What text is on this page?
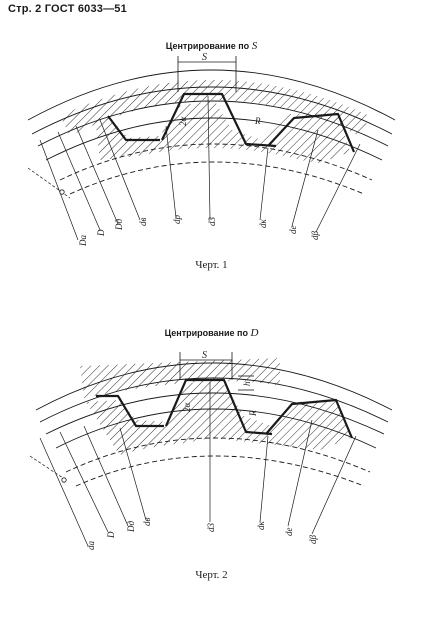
Стр. 2 ГОСТ 6033—51
Центрирование по S
S
R
2α
Dа
D
Dд dв	dр	d3	dк
dе
dβ
Черт. 1
Центрирование по D
S
h
R
2α
dа
D
Dд dв
d3	dк
dе
dβ
Черт. 2
